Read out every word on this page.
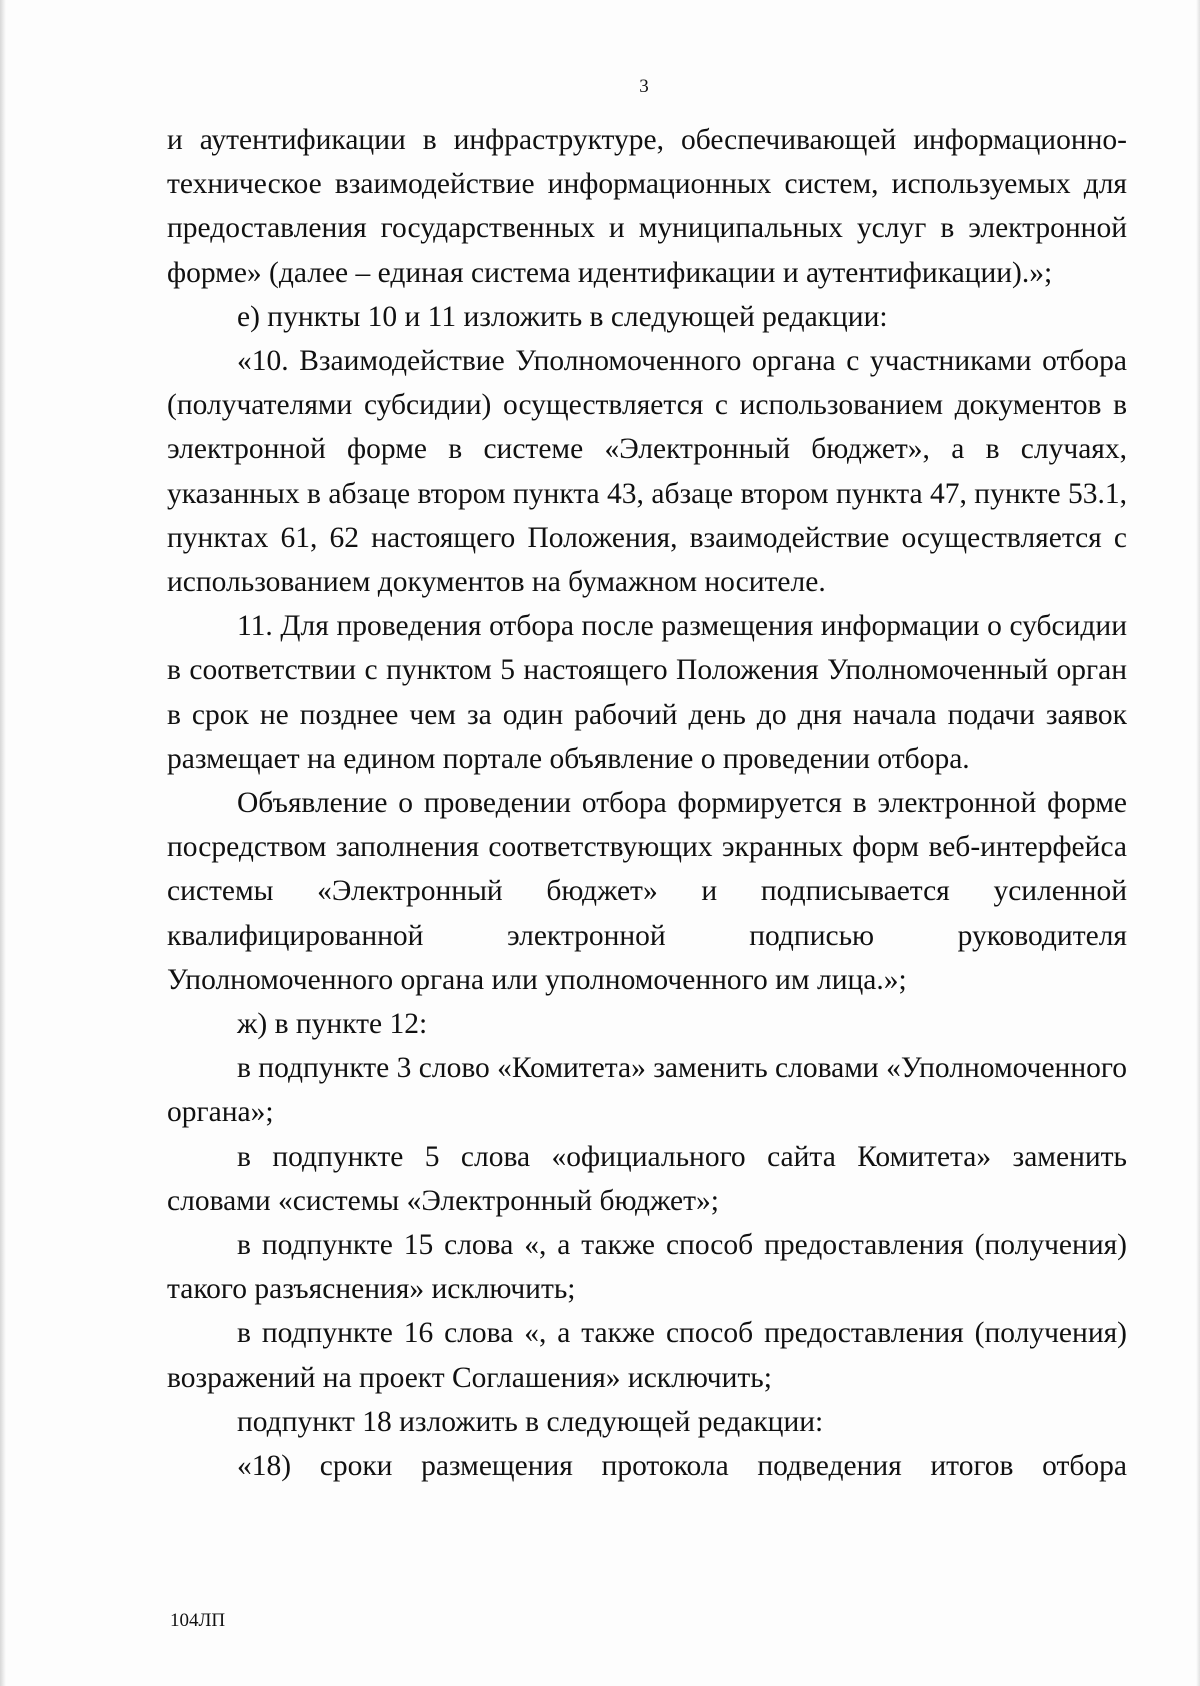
3

и аутентификации в инфраструктуре, обеспечивающей информационно-техническое взаимодействие информационных систем, используемых для предоставления государственных и муниципальных услуг в электронной форме» (далее – единая система идентификации и аутентификации).»;

е) пункты 10 и 11 изложить в следующей редакции:

«10. Взаимодействие Уполномоченного органа с участниками отбора (получателями субсидии) осуществляется с использованием документов в электронной форме в системе «Электронный бюджет», а в случаях, указанных в абзаце втором пункта 43, абзаце втором пункта 47, пункте 53.1, пунктах 61, 62 настоящего Положения, взаимодействие осуществляется с использованием документов на бумажном носителе.

11. Для проведения отбора после размещения информации о субсидии в соответствии с пунктом 5 настоящего Положения Уполномоченный орган в срок не позднее чем за один рабочий день до дня начала подачи заявок размещает на едином портале объявление о проведении отбора.

Объявление о проведении отбора формируется в электронной форме посредством заполнения соответствующих экранных форм веб-интерфейса системы «Электронный бюджет» и подписывается усиленной квалифицированной электронной подписью руководителя Уполномоченного органа или уполномоченного им лица.»;

ж) в пункте 12:

в подпункте 3 слово «Комитета» заменить словами «Уполномоченного органа»;

в подпункте 5 слова «официального сайта Комитета» заменить словами «системы «Электронный бюджет»;

в подпункте 15 слова «, а также способ предоставления (получения) такого разъяснения» исключить;

в подпункте 16 слова «, а также способ предоставления (получения) возражений на проект Соглашения» исключить;

подпункт 18 изложить в следующей редакции:

«18) сроки размещения протокола подведения итогов отбора

104ЛП
